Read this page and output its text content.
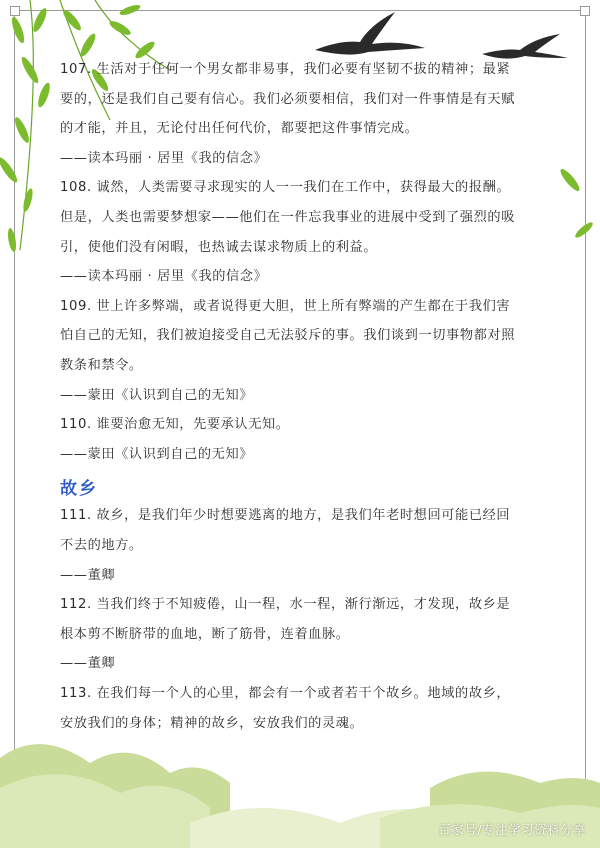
107. 生活对于任何一个男女都非易事，我们必要有坚韧不拔的精神；最紧
要的，还是我们自己要有信心。我们必须要相信，我们对一件事情是有天赋
的才能，并且，无论付出任何代价，都要把这件事情完成。
——读本玛丽 · 居里《我的信念》
108. 诚然，人类需要寻求现实的人一一我们在工作中，获得最大的报酬。
但是，人类也需要梦想家——他们在一件忘我事业的进展中受到了强烈的吸
引，使他们没有闲暇，也热诚去谋求物质上的利益。
——读本玛丽 · 居里《我的信念》
109. 世上许多弊端，或者说得更大胆，世上所有弊端的产生都在于我们害
怕自己的无知，我们被迫接受自己无法驳斥的事。我们谈到一切事物都对照
教条和禁令。
——蒙田《认识到自己的无知》
110. 谁要治愈无知，先要承认无知。
——蒙田《认识到自己的无知》
故乡
111. 故乡，是我们年少时想要逃离的地方，是我们年老时想回可能已经回
不去的地方。
——董卿
112. 当我们终于不知疲倦，山一程，水一程，渐行渐远，才发现，故乡是
根本剪不断脐带的血地，断了筋骨，连着血脉。
——董卿
113. 在我们每一个人的心里，都会有一个或者若干个故乡。地域的故乡，
安放我们的身体；精神的故乡，安放我们的灵魂。
百家号/专注学习资料分享
